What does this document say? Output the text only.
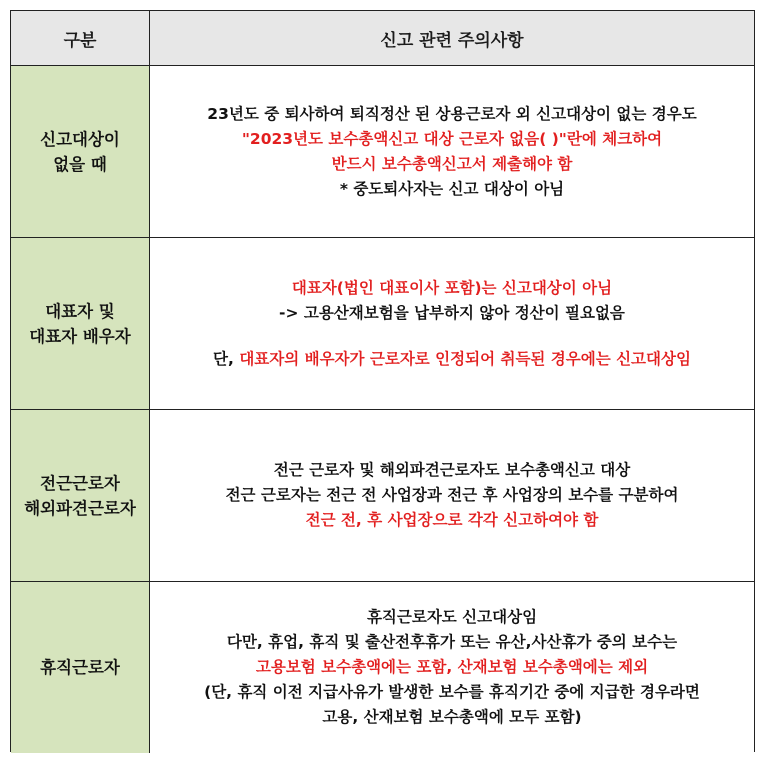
구분	신고 관련 주의사항
신고대상이
없을 때
23년도 중 퇴사하여 퇴직정산 된 상용근로자 외 신고대상이 없는 경우도
"2023년도 보수총액신고 대상 근로자 없음( )"란에 체크하여
반드시 보수총액신고서 제출해야 함
* 중도퇴사자는 신고 대상이 아님
대표자 및
대표자 배우자
대표자(법인 대표이사 포함)는 신고대상이 아님
-> 고용산재보험을 납부하지 않아 정산이 필요없음
단, 대표자의 배우자가 근로자로 인정되어 취득된 경우에는 신고대상임
전근근로자
해외파견근로자
전근 근로자 및 해외파견근로자도 보수총액신고 대상
전근 근로자는 전근 전 사업장과 전근 후 사업장의 보수를 구분하여
전근 전, 후 사업장으로 각각 신고하여야 함
휴직근로자
휴직근로자도 신고대상임
다만, 휴업, 휴직 및 출산전후휴가 또는 유산,사산휴가 중의 보수는
고용보험 보수총액에는 포함, 산재보험 보수총액에는 제외
(단, 휴직 이전 지급사유가 발생한 보수를 휴직기간 중에 지급한 경우라면
고용, 산재보험 보수총액에 모두 포함)
